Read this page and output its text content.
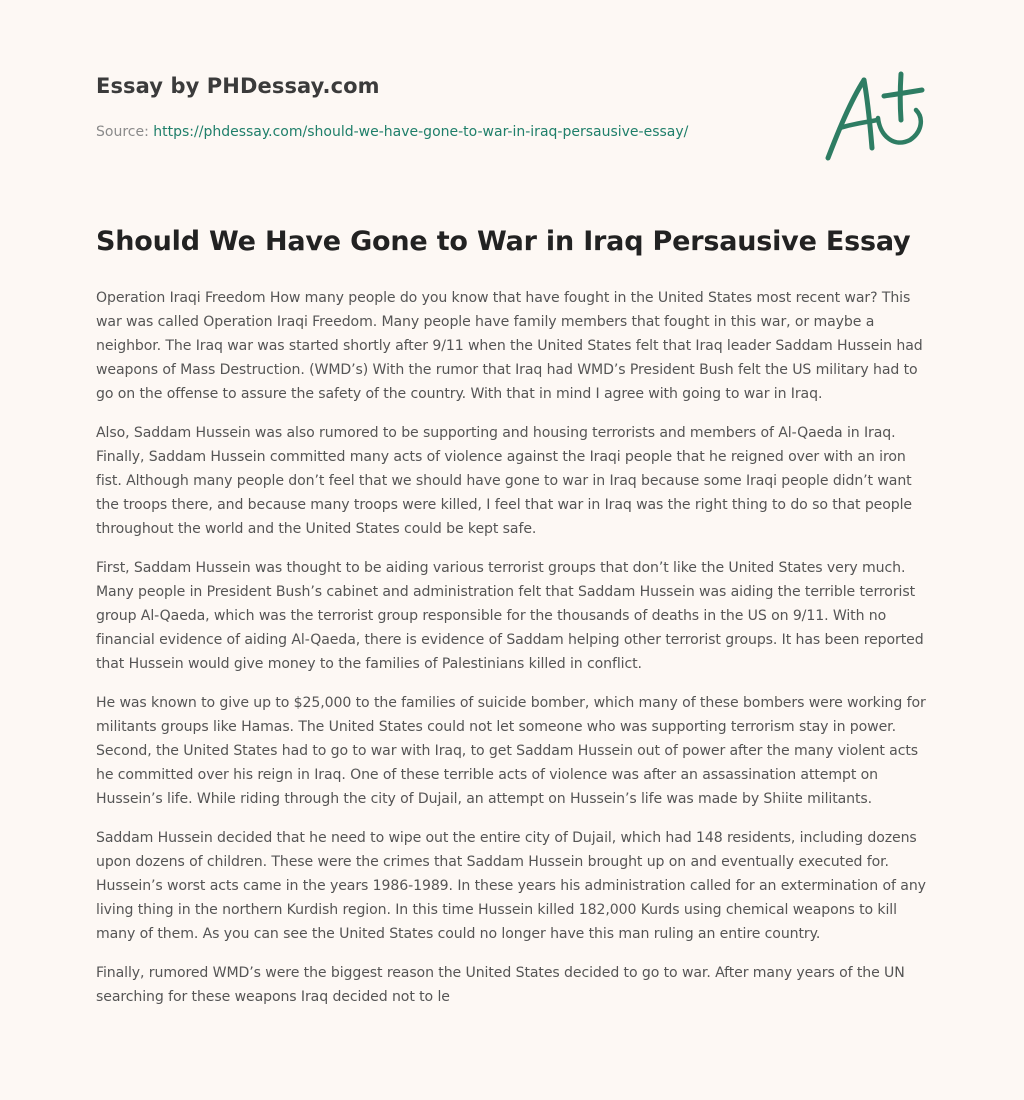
Essay by PHDessay.com
Source: https://phdessay.com/should-we-have-gone-to-war-in-iraq-persausive-essay/
Should We Have Gone to War in Iraq Persausive Essay

Operation Iraqi Freedom How many people do you know that have fought in the United States most recent war? This war was called Operation Iraqi Freedom. Many people have family members that fought in this war, or maybe a neighbor. The Iraq war was started shortly after 9/11 when the United States felt that Iraq leader Saddam Hussein had weapons of Mass Destruction. (WMD’s) With the rumor that Iraq had WMD’s President Bush felt the US military had to go on the offense to assure the safety of the country. With that in mind I agree with going to war in Iraq.

Also, Saddam Hussein was also rumored to be supporting and housing terrorists and members of Al-Qaeda in Iraq. Finally, Saddam Hussein committed many acts of violence against the Iraqi people that he reigned over with an iron fist. Although many people don’t feel that we should have gone to war in Iraq because some Iraqi people didn’t want the troops there, and because many troops were killed, I feel that war in Iraq was the right thing to do so that people throughout the world and the United States could be kept safe.

First, Saddam Hussein was thought to be aiding various terrorist groups that don’t like the United States very much. Many people in President Bush’s cabinet and administration felt that Saddam Hussein was aiding the terrible terrorist group Al-Qaeda, which was the terrorist group responsible for the thousands of deaths in the US on 9/11. With no financial evidence of aiding Al-Qaeda, there is evidence of Saddam helping other terrorist groups. It has been reported that Hussein would give money to the families of Palestinians killed in conflict.

He was known to give up to $25,000 to the families of suicide bomber, which many of these bombers were working for militants groups like Hamas. The United States could not let someone who was supporting terrorism stay in power. Second, the United States had to go to war with Iraq, to get Saddam Hussein out of power after the many violent acts he committed over his reign in Iraq. One of these terrible acts of violence was after an assassination attempt on Hussein’s life. While riding through the city of Dujail, an attempt on Hussein’s life was made by Shiite militants.

Saddam Hussein decided that he need to wipe out the entire city of Dujail, which had 148 residents, including dozens upon dozens of children. These were the crimes that Saddam Hussein brought up on and eventually executed for. Hussein’s worst acts came in the years 1986-1989. In these years his administration called for an extermination of any living thing in the northern Kurdish region. In this time Hussein killed 182,000 Kurds using chemical weapons to kill many of them. As you can see the United States could no longer have this man ruling an entire country.

Finally, rumored WMD’s were the biggest reason the United States decided to go to war. After many years of the UN searching for these weapons Iraq decided not to le
